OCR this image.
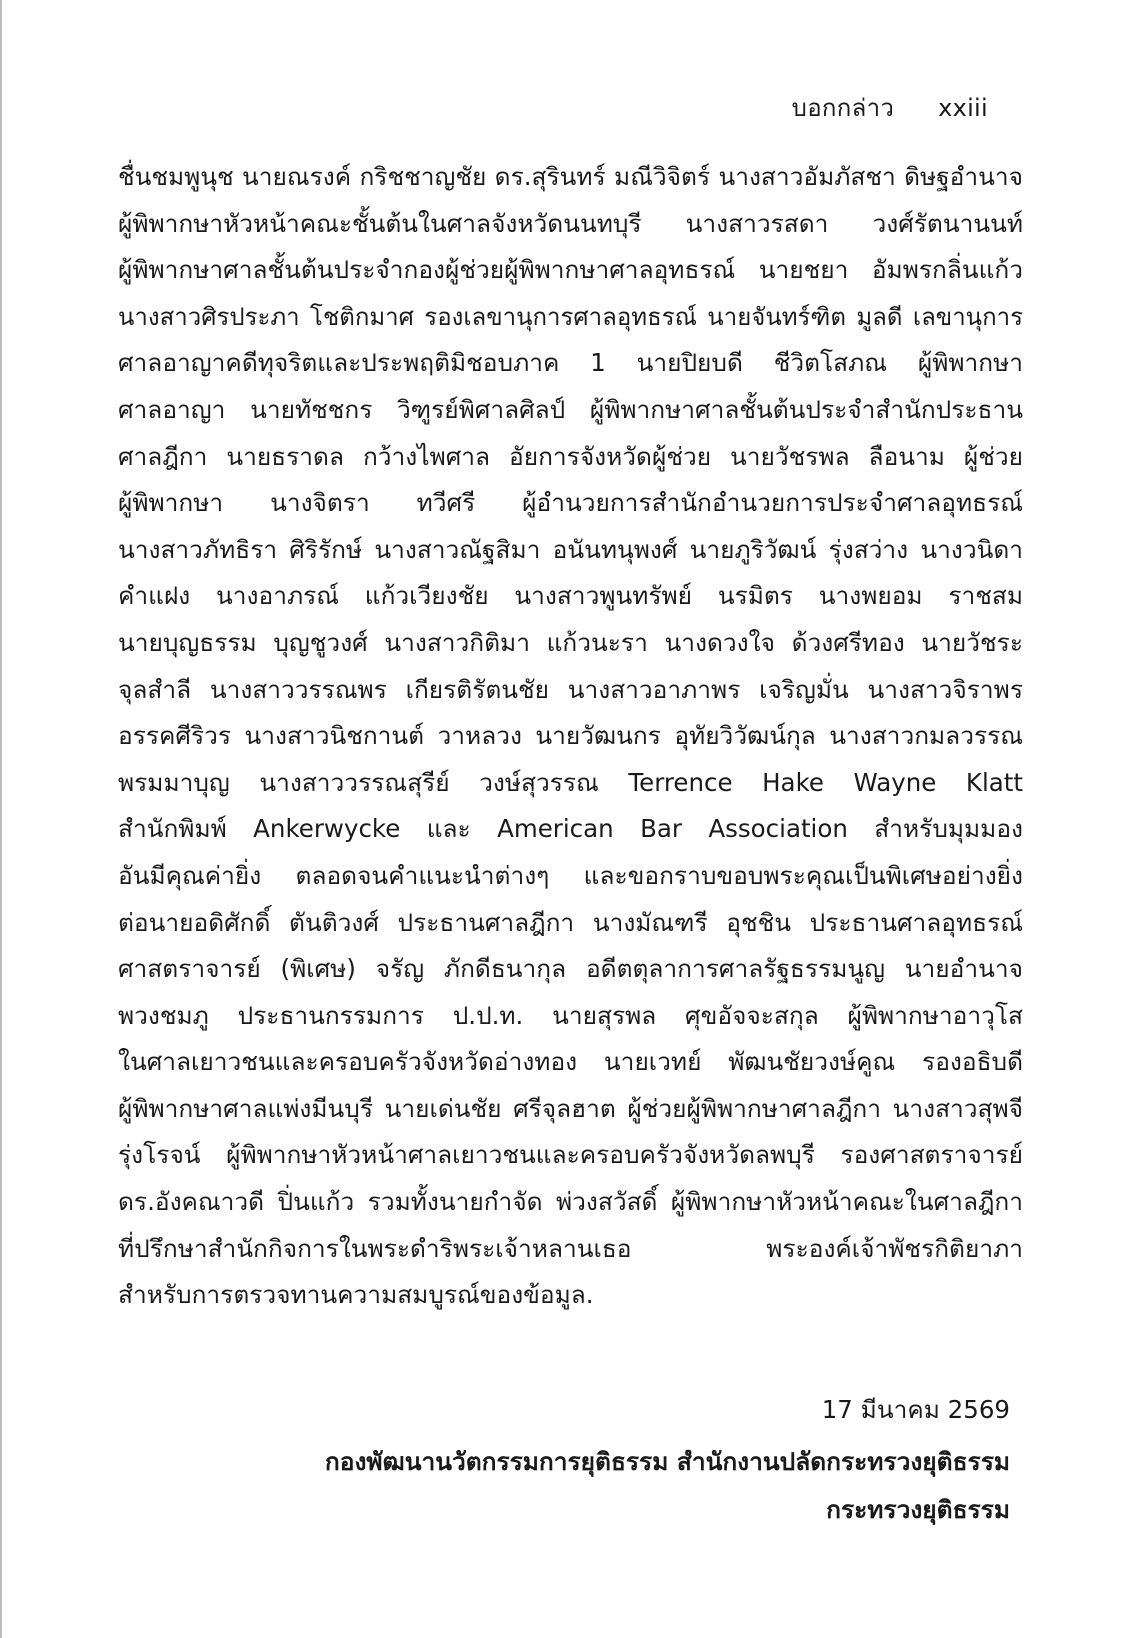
บอกกล่าว xxiii
ชื่นชมพูนุช นายณรงค์ กริชชาญชัย ดร.สุรินทร์ มณีวิจิตร์ นางสาวอัมภัสชา ดิษฐอำนาจ
ผู้พิพากษาหัวหน้าคณะชั้นต้นในศาลจังหวัดนนทบุรี นางสาวรสดา วงศ์รัตนานนท์
ผู้พิพากษาศาลชั้นต้นประจำกองผู้ช่วยผู้พิพากษาศาลอุทธรณ์ นายชยา อัมพรกลิ่นแก้ว
นางสาวศิรประภา โชติกมาศ รองเลขานุการศาลอุทธรณ์ นายจันทร์ฑิต มูลดี เลขานุการ
ศาลอาญาคดีทุจริตและประพฤติมิชอบภาค 1 นายปิยบดี ชีวิตโสภณ ผู้พิพากษา
ศาลอาญา นายทัชชกร วิฑูรย์พิศาลศิลป์ ผู้พิพากษาศาลชั้นต้นประจำสำนักประธาน
ศาลฎีกา นายธราดล กว้างไพศาล อัยการจังหวัดผู้ช่วย นายวัชรพล ลือนาม ผู้ช่วย
ผู้พิพากษา นางจิตรา ทวีศรี ผู้อำนวยการสำนักอำนวยการประจำศาลอุทธรณ์
นางสาวภัทธิรา ศิริรักษ์ นางสาวณัฐสิมา อนันทนุพงศ์ นายภูริวัฒน์ รุ่งสว่าง นางวนิดา
คำแฝง นางอาภรณ์ แก้วเวียงชัย นางสาวพูนทรัพย์ นรมิตร นางพยอม ราชสม
นายบุญธรรม บุญชูวงศ์ นางสาวกิติมา แก้วนะรา นางดวงใจ ด้วงศรีทอง นายวัชระ
จุลสำลี นางสาววรรณพร เกียรติรัตนชัย นางสาวอาภาพร เจริญมั่น นางสาวจิราพร
อรรคศีริวร นางสาวนิชกานต์ วาหลวง นายวัฒนกร อุทัยวิวัฒน์กุล นางสาวกมลวรรณ
พรมมาบุญ นางสาววรรณสุรีย์ วงษ์สุวรรณ Terrence Hake Wayne Klatt
สำนักพิมพ์ Ankerwycke และ American Bar Association สำหรับมุมมอง
อันมีคุณค่ายิ่ง ตลอดจนคำแนะนำต่างๆ และขอกราบขอบพระคุณเป็นพิเศษอย่างยิ่ง
ต่อนายอดิศักดิ์ ตันติวงศ์ ประธานศาลฎีกา นางมัณฑรี อุชชิน ประธานศาลอุทธรณ์
ศาสตราจารย์ (พิเศษ) จรัญ ภักดีธนากุล อดีตตุลาการศาลรัฐธรรมนูญ นายอำนาจ
พวงชมภู ประธานกรรมการ ป.ป.ท. นายสุรพล ศุขอัจจะสกุล ผู้พิพากษาอาวุโส
ในศาลเยาวชนและครอบครัวจังหวัดอ่างทอง นายเวทย์ พัฒนชัยวงษ์คูณ รองอธิบดี
ผู้พิพากษาศาลแพ่งมีนบุรี นายเด่นชัย ศรีจุลฮาต ผู้ช่วยผู้พิพากษาศาลฎีกา นางสาวสุพจี
รุ่งโรจน์ ผู้พิพากษาหัวหน้าศาลเยาวชนและครอบครัวจังหวัดลพบุรี รองศาสตราจารย์
ดร.อังคณาวดี ปิ่นแก้ว รวมทั้งนายกำจัด พ่วงสวัสดิ์ ผู้พิพากษาหัวหน้าคณะในศาลฎีกา
ที่ปรึกษาสำนักกิจการในพระดำริพระเจ้าหลานเธอ พระองค์เจ้าพัชรกิติยาภา
สำหรับการตรวจทานความสมบูรณ์ของข้อมูล.
17 มีนาคม 2569
กองพัฒนานวัตกรรมการยุติธรรม สำนักงานปลัดกระทรวงยุติธรรม
กระทรวงยุติธรรม
